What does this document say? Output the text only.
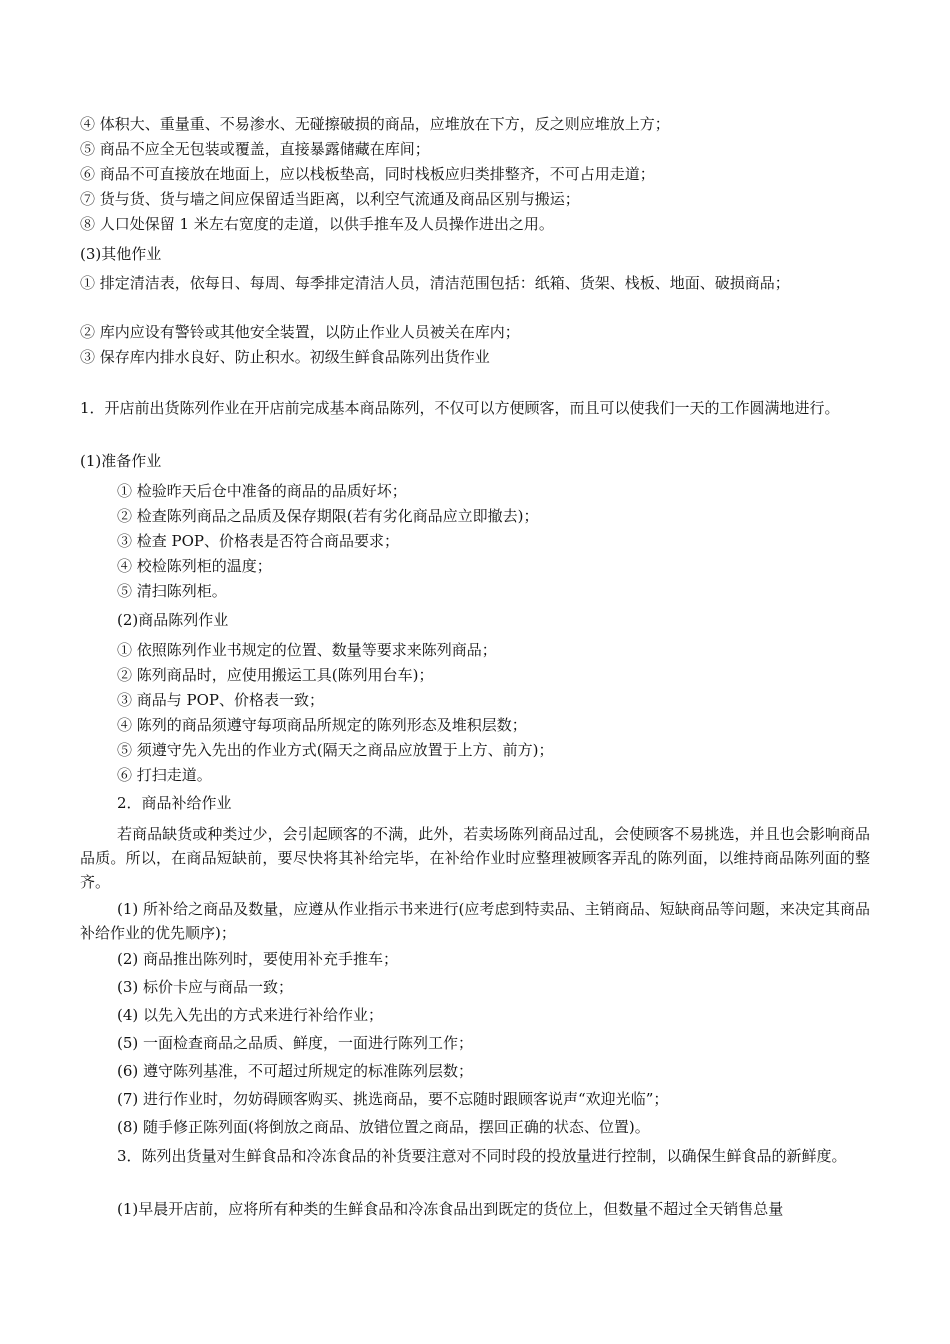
④ 体积大、重量重、不易渗水、无碰擦破损的商品，应堆放在下方，反之则应堆放上方；
⑤ 商品不应全无包装或覆盖，直接暴露储藏在库间；
⑥ 商品不可直接放在地面上，应以栈板垫高，同时栈板应归类排整齐，不可占用走道；
⑦ 货与货、货与墙之间应保留适当距离，以利空气流通及商品区别与搬运；
⑧ 人口处保留 1 米左右宽度的走道，以供手推车及人员操作进出之用。
(3)其他作业
① 排定清洁表，依每日、每周、每季排定清洁人员，清洁范围包括：纸箱、货架、栈板、地面、破损商品；
② 库内应设有警铃或其他安全装置，以防止作业人员被关在库内；
③ 保存库内排水良好、防止积水。初级生鲜食品陈列出货作业
1．开店前出货陈列作业在开店前完成基本商品陈列，不仅可以方便顾客，而且可以使我们一天的工作圆满地进行。
(1)准备作业
① 检验昨天后仓中准备的商品的品质好坏；
② 检查陈列商品之品质及保存期限(若有劣化商品应立即撤去)；
③ 检查 POP、价格表是否符合商品要求；
④ 校检陈列柜的温度；
⑤ 清扫陈列柜。
(2)商品陈列作业
① 依照陈列作业书规定的位置、数量等要求来陈列商品；
② 陈列商品时，应使用搬运工具(陈列用台车)；
③ 商品与 POP、价格表一致；
④ 陈列的商品须遵守每项商品所规定的陈列形态及堆积层数；
⑤ 须遵守先入先出的作业方式(隔天之商品应放置于上方、前方)；
⑥ 打扫走道。
2．商品补给作业
若商品缺货或种类过少，会引起顾客的不满，此外，若卖场陈列商品过乱，会使顾客不易挑选，并且也会影响商品品质。所以，在商品短缺前，要尽快将其补给完毕，在补给作业时应整理被顾客弄乱的陈列面，以维持商品陈列面的整齐。
(1) 所补给之商品及数量，应遵从作业指示书来进行(应考虑到特卖品、主销商品、短缺商品等问题，来决定其商品补给作业的优先顺序)；
(2) 商品推出陈列时，要使用补充手推车；
(3) 标价卡应与商品一致；
(4) 以先入先出的方式来进行补给作业；
(5) 一面检查商品之品质、鲜度，一面进行陈列工作；
(6) 遵守陈列基准，不可超过所规定的标准陈列层数；
(7) 进行作业时，勿妨碍顾客购买、挑选商品，要不忘随时跟顾客说声“欢迎光临”；
(8) 随手修正陈列面(将倒放之商品、放错位置之商品，摆回正确的状态、位置)。
3．陈列出货量对生鲜食品和冷冻食品的补货要注意对不同时段的投放量进行控制，以确保生鲜食品的新鲜度。
(1)早晨开店前，应将所有种类的生鲜食品和冷冻食品出到既定的货位上，但数量不超过全天销售总量
